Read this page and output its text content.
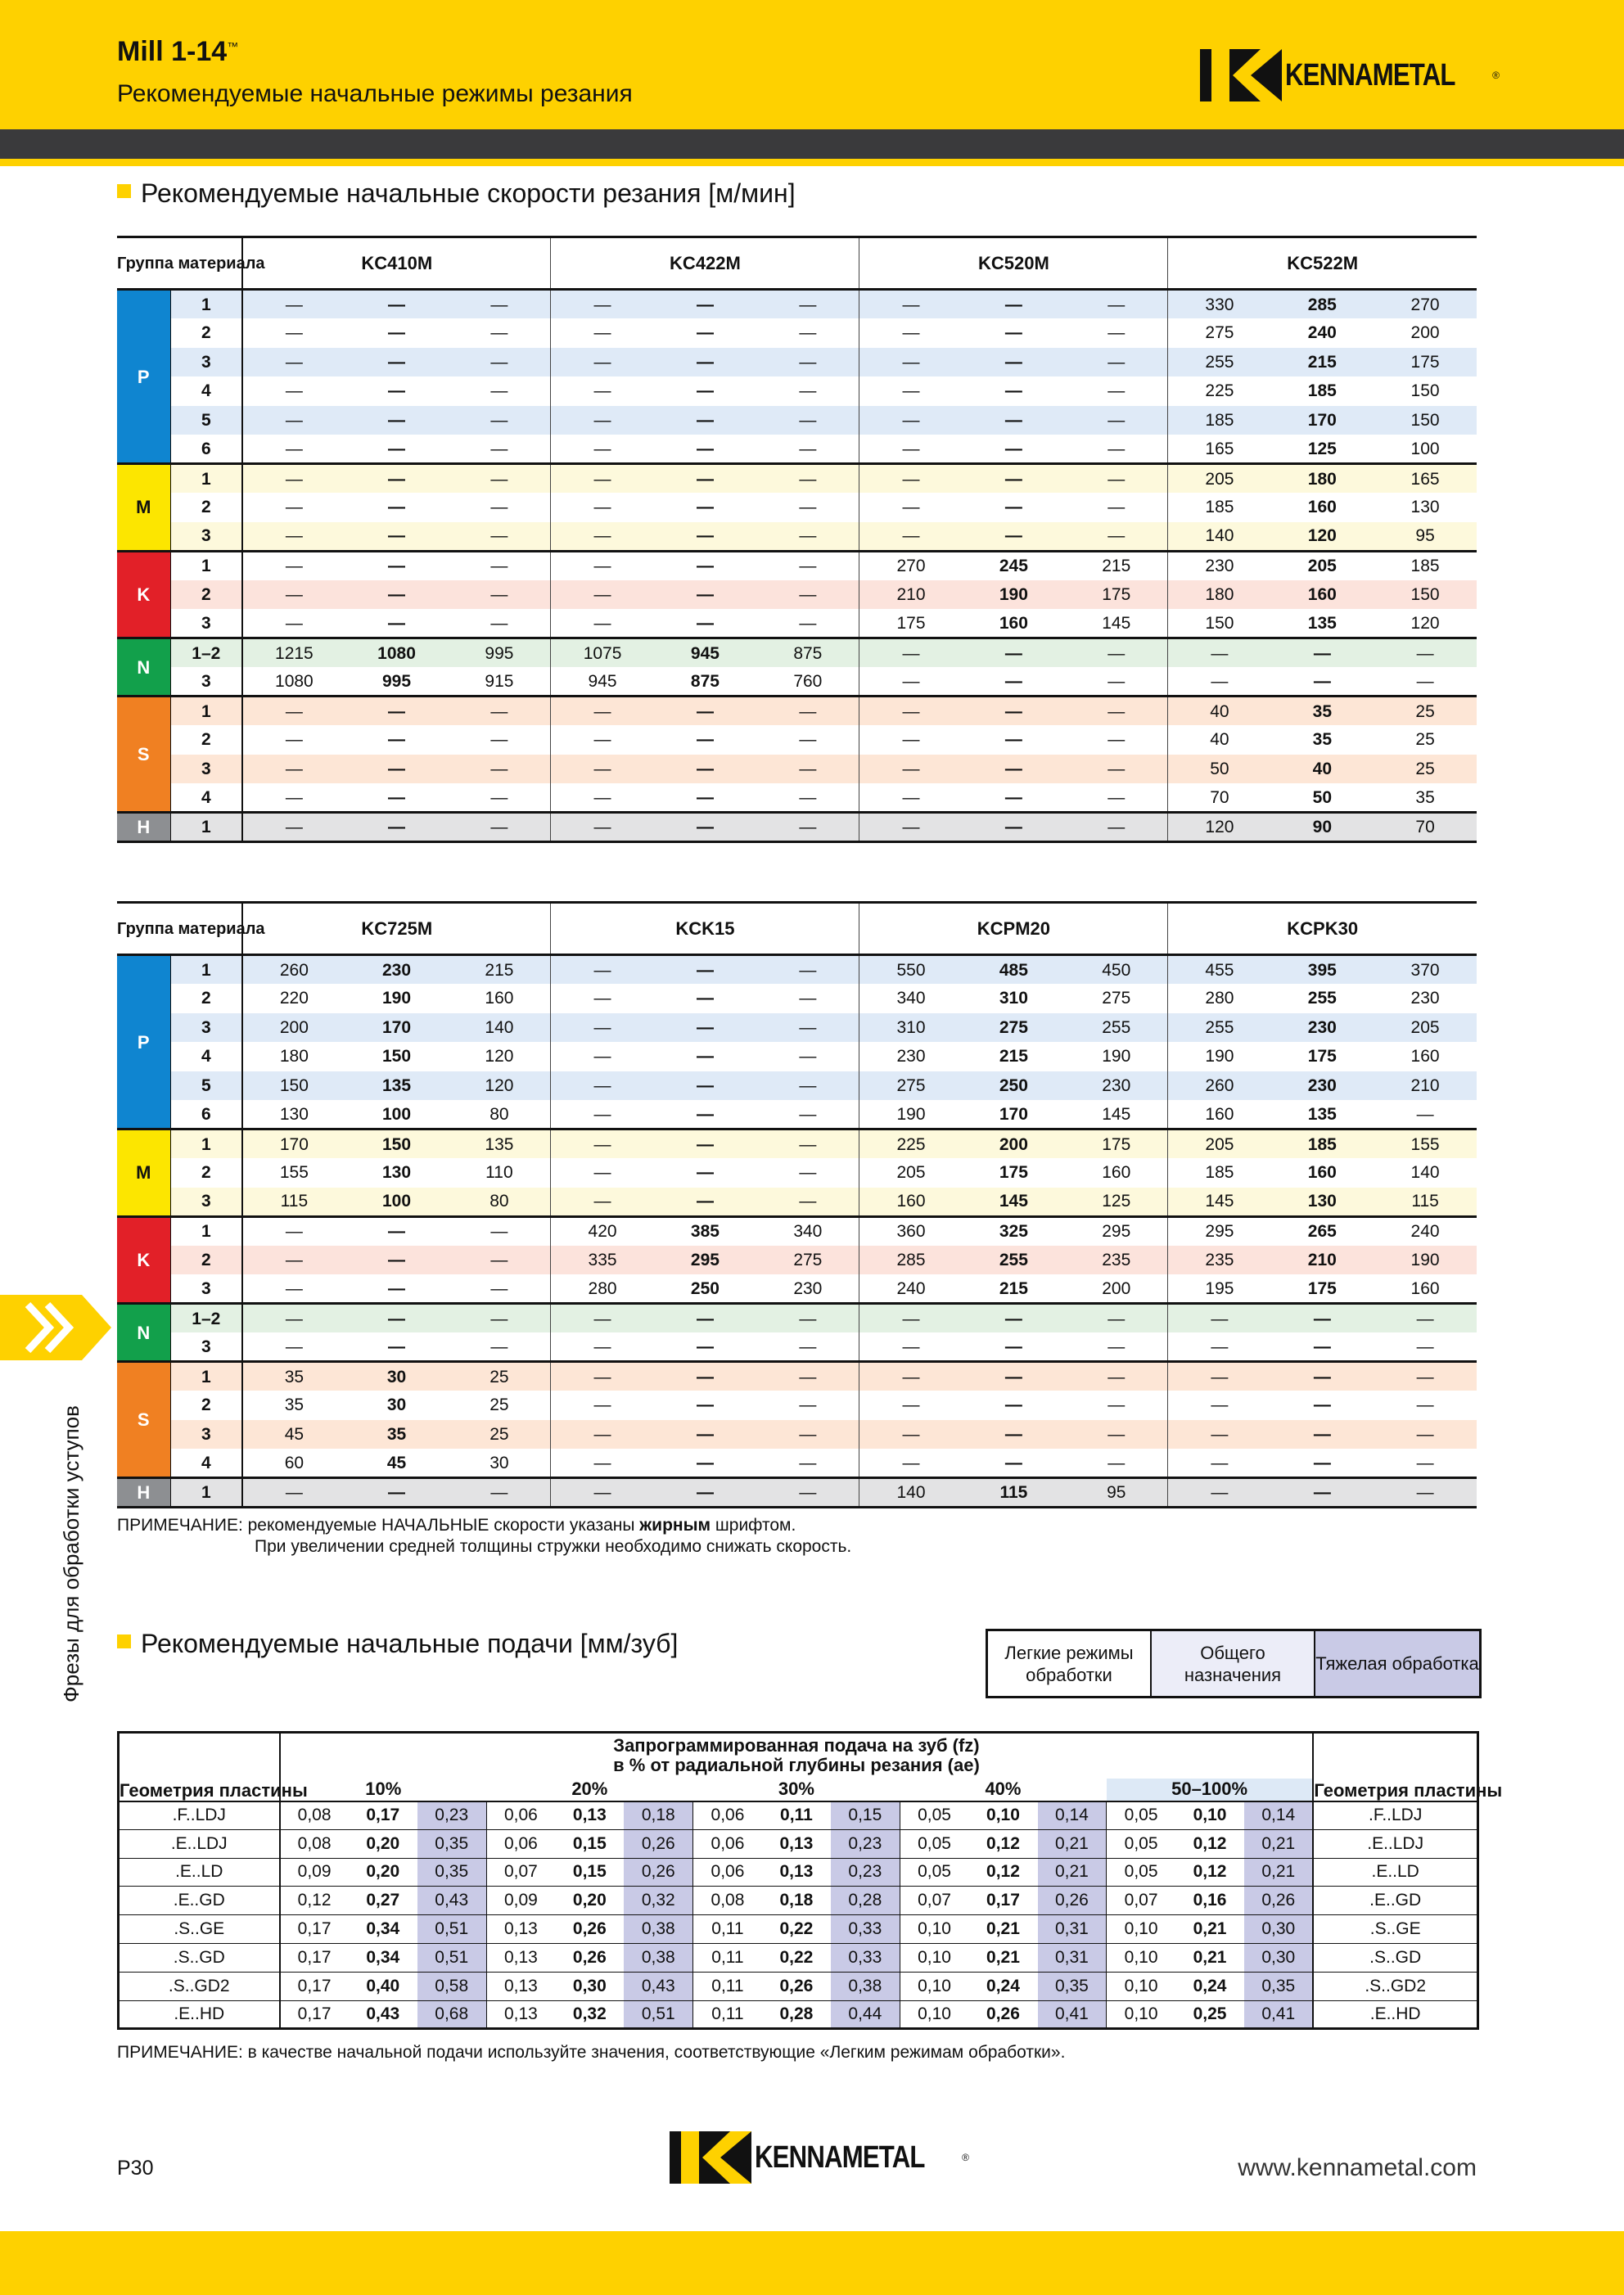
Mill 1-14™
Рекомендуемые начальные режимы резания
KENNAMETAL	®
Рекомендуемые начальные скорости резания [м/мин]
Группа материала		KC410M			KC422M			KC520M			KC522M		
P	1	—	—	—	—	—	—	—	—	—	330	285	270
	2	—	—	—	—	—	—	—	—	—	275	240	200
	3	—	—	—	—	—	—	—	—	—	255	215	175
	4	—	—	—	—	—	—	—	—	—	225	185	150
	5	—	—	—	—	—	—	—	—	—	185	170	150
	6	—	—	—	—	—	—	—	—	—	165	125	100
M	1	—	—	—	—	—	—	—	—	—	205	180	165
	2	—	—	—	—	—	—	—	—	—	185	160	130
	3	—	—	—	—	—	—	—	—	—	140	120	95
K	1	—	—	—	—	—	—	270	245	215	230	205	185
	2	—	—	—	—	—	—	210	190	175	180	160	150
	3	—	—	—	—	—	—	175	160	145	150	135	120
N	1–2	1215	1080	995	1075	945	875	—	—	—	—	—	—
	3	1080	995	915	945	875	760	—	—	—	—	—	—
S	1	—	—	—	—	—	—	—	—	—	40	35	25
	2	—	—	—	—	—	—	—	—	—	40	35	25
	3	—	—	—	—	—	—	—	—	—	50	40	25
	4	—	—	—	—	—	—	—	—	—	70	50	35
H	1	—	—	—	—	—	—	—	—	—	120	90	70
Группа материала		KC725M			KCK15			KCPM20			KCPK30		
P	1	260	230	215	—	—	—	550	485	450	455	395	370
	2	220	190	160	—	—	—	340	310	275	280	255	230
	3	200	170	140	—	—	—	310	275	255	255	230	205
	4	180	150	120	—	—	—	230	215	190	190	175	160
	5	150	135	120	—	—	—	275	250	230	260	230	210
	6	130	100	80	—	—	—	190	170	145	160	135	—
M	1	170	150	135	—	—	—	225	200	175	205	185	155
	2	155	130	110	—	—	—	205	175	160	185	160	140
	3	115	100	80	—	—	—	160	145	125	145	130	115
K	1	—	—	—	420	385	340	360	325	295	295	265	240
	2	—	—	—	335	295	275	285	255	235	235	210	190
	3	—	—	—	280	250	230	240	215	200	195	175	160
N	1–2	—	—	—	—	—	—	—	—	—	—	—	—
	3	—	—	—	—	—	—	—	—	—	—	—	—
S	1	35	30	25	—	—	—	—	—	—	—	—	—
	2	35	30	25	—	—	—	—	—	—	—	—	—
	3	45	35	25	—	—	—	—	—	—	—	—	—
	4	60	45	30	—	—	—	—	—	—	—	—	—
H	1	—	—	—	—	—	—	140	115	95	—	—	—
ПРИМЕЧАНИЕ: рекомендуемые НАЧАЛЬНЫЕ скорости указаны жирным шрифтом.
При увеличении средней толщины стружки необходимо снижать скорость.
Рекомендуемые начальные подачи [мм/зуб]	Легкие режимы обработки
Общего назначения
Тяжелая обработка
Геометрия пластины	Запрограммированная подача на зуб (fz)
в % от радиальной глубины резания (ae)															Геометрия пластины
	10%			20%			30%			40%			50–100%			
.F..LDJ	0,08	0,17	0,23	0,06	0,13	0,18	0,06	0,11	0,15	0,05	0,10	0,14	0,05	0,10	0,14	.F..LDJ
.E..LDJ	0,08	0,20	0,35	0,06	0,15	0,26	0,06	0,13	0,23	0,05	0,12	0,21	0,05	0,12	0,21	.E..LDJ
.E..LD	0,09	0,20	0,35	0,07	0,15	0,26	0,06	0,13	0,23	0,05	0,12	0,21	0,05	0,12	0,21	.E..LD
.E..GD	0,12	0,27	0,43	0,09	0,20	0,32	0,08	0,18	0,28	0,07	0,17	0,26	0,07	0,16	0,26	.E..GD
.S..GE	0,17	0,34	0,51	0,13	0,26	0,38	0,11	0,22	0,33	0,10	0,21	0,31	0,10	0,21	0,30	.S..GE
.S..GD	0,17	0,34	0,51	0,13	0,26	0,38	0,11	0,22	0,33	0,10	0,21	0,31	0,10	0,21	0,30	.S..GD
.S..GD2	0,17	0,40	0,58	0,13	0,30	0,43	0,11	0,26	0,38	0,10	0,24	0,35	0,10	0,24	0,35	.S..GD2
.E..HD	0,17	0,43	0,68	0,13	0,32	0,51	0,11	0,28	0,44	0,10	0,26	0,41	0,10	0,25	0,41	.E..HD
ПРИМЕЧАНИЕ: в качестве начальной подачи используйте значения, соответствующие «Легким режимам обработки».
Фрезы для обработки уступов
P30	KENNAMETAL	®	www.kennametal.com
